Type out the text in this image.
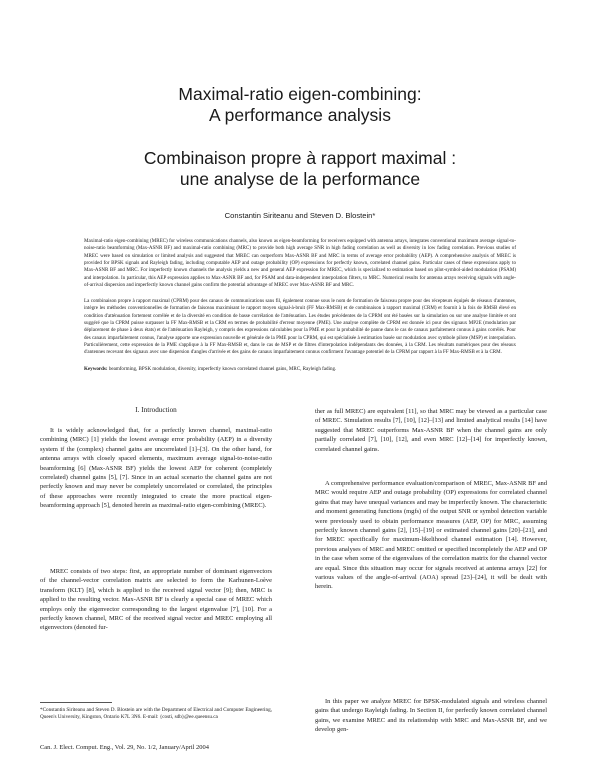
Maximal-ratio eigen-combining:
A performance analysis
Combinaison propre à rapport maximal :
une analyse de la performance
Constantin Siriteanu and Steven D. Blostein*
Maximal-ratio eigen-combining (MREC) for wireless communications channels, also known as eigen-beamforming for receivers equipped with antenna arrays, integrates conventional maximum average signal-to-noise-ratio beamforming (Max-ASNR BF) and maximal-ratio combining (MRC) to provide both high average SNR in high fading correlation as well as diversity in low fading correlation. Previous studies of MREC were based on simulation or limited analysis and suggested that MREC can outperform Max-ASNR BF and MRC in terms of average error probability (AEP). A comprehensive analysis of MREC is provided for BPSK signals and Rayleigh fading, including computable AEP and outage probability (OP) expressions for perfectly known, correlated channel gains. Particular cases of these expressions apply to Max-ASNR BF and MRC. For imperfectly known channels the analysis yields a new and general AEP expression for MREC, which is specialized to estimation based on pilot-symbol-aided modulation (PSAM) and interpolation. In particular, this AEP expression applies to Max-ASNR BF and, for PSAM and data-independent interpolation filters, to MRC. Numerical results for antenna arrays receiving signals with angle-of-arrival dispersion and imperfectly known channel gains confirm the potential advantage of MREC over Max-ASNR BF and MRC.
La combinaison propre à rapport maximal (CPRM) pour des canaux de communications sans fil, également connue sous le nom de formation de faisceau propre pour des récepteurs équipés de réseaux d'antennes, intègre les méthodes conventionnelles de formation de faisceau maximisant le rapport moyen signal-à-bruit (FF Max-RMSB) et de combinaison à rapport maximal (CRM) et fournit à la fois de RMSB élevé en condition d'atténuation fortement corrélée et de la diversité en condition de basse corrélation de l'atténuation. Les études précédentes de la CPRM ont été basées sur la simulation ou sur une analyse limitée et ont suggéré que la CPRM puisse surpasser la FF Max-RMSB et la CRM en termes de probabilité d'erreur moyenne (PME). Une analyse complète de CPRM est donnée ici pour des signaux MP2E (modulation par déplacement de phase à deux états) et de l'atténuation Rayleigh, y compris des expressions calculables pour la PME et pour la probabilité de panne dans le cas de canaux parfaitement connus à gains corrélés. Pour des canaux imparfaitement connus, l'analyse apporte une expression nouvelle et générale de la PME pour la CPRM, qui est spécialisée à estimation basée sur modulation avec symbole pilote (MSP) et interpolation. Particulièrement, cette expression de la PME s'applique à la FF Max-RMSB et, dans le cas de MSP et de filtres d'interpolation indépendants des données, à la CRM. Les résultats numériques pour des réseaux d'antennes recevant des signaux avec une dispersion d'angles d'arrivée et des gains de canaux imparfaitement connus confirment l'avantage potentiel de la CPRM par rapport à la FF Max-RMSB et à la CRM.
Keywords: beamforming, BPSK modulation, diversity, imperfectly known correlated channel gains, MRC, Rayleigh fading.
I. Introduction

It is widely acknowledged that, for a perfectly known channel, maximal-ratio combining (MRC) [1] yields the lowest average error probability (AEP) in a diversity system if the (complex) channel gains are uncorrelated [1]–[3]. On the other hand, for antenna arrays with closely spaced elements, maximum average signal-to-noise-ratio beamforming [6] (Max-ASNR BF) yields the lowest AEP for coherent (completely correlated) channel gains [5], [7]. Since in an actual scenario the channel gains are not perfectly known and may never be completely uncorrelated or correlated, the principles of these approaches were recently integrated to create the more practical eigen-beamforming approach [5], denoted herein as maximal-ratio eigen-combining (MREC).

MREC consists of two steps: first, an appropriate number of dominant eigenvectors of the channel-vector correlation matrix are selected to form the Karhunen-Loève transform (KLT) [8], which is applied to the received signal vector [9]; then, MRC is applied to the resulting vector. Max-ASNR BF is clearly a special case of MREC which employs only the eigenvector corresponding to the largest eigenvalue [7], [10]. For a perfectly known channel, MRC of the received signal vector and MREC employing all eigenvectors (denoted fur-

*Constantin Siriteanu and Steven D. Blostein are with the Department of Electrical and Computer Engineering, Queen's University, Kingston, Ontario K7L 3N6. E-mail: {costi, sdb}@ee.queensu.ca
Can. J. Elect. Comput. Eng., Vol. 29, No. 1/2, January/April 2004

ther as full MREC) are equivalent [11], so that MRC may be viewed as a particular case of MREC. Simulation results [7], [10], [12]–[13] and limited analytical results [14] have suggested that MREC outperforms Max-ASNR BF when the channel gains are only partially correlated [7], [10], [12], and even MRC [12]–[14] for imperfectly known, correlated channel gains.

A comprehensive performance evaluation/comparison of MREC, Max-ASNR BF and MRC would require AEP and outage probability (OP) expressions for correlated channel gains that may have unequal variances and may be imperfectly known. The characteristic and moment generating functions (mgfs) of the output SNR or symbol detection variable were previously used to obtain performance measures (AEP, OP) for MRC, assuming perfectly known channel gains [2], [15]–[19] or estimated channel gains [20]–[21], and for MREC specifically for maximum-likelihood channel estimation [14]. However, previous analyses of MRC and MREC omitted or specified incompletely the AEP and OP in the case when some of the eigenvalues of the correlation matrix for the channel vector are equal. Since this situation may occur for signals received at antenna arrays [22] for various values of the angle-of-arrival (AOA) spread [23]–[24], it will be dealt with herein.

In this paper we analyze MREC for BPSK-modulated signals and wireless channel gains that undergo Rayleigh fading. In Section II, for perfectly known correlated channel gains, we examine MREC and its relationship with MRC and Max-ASNR BF, and we develop gen-
